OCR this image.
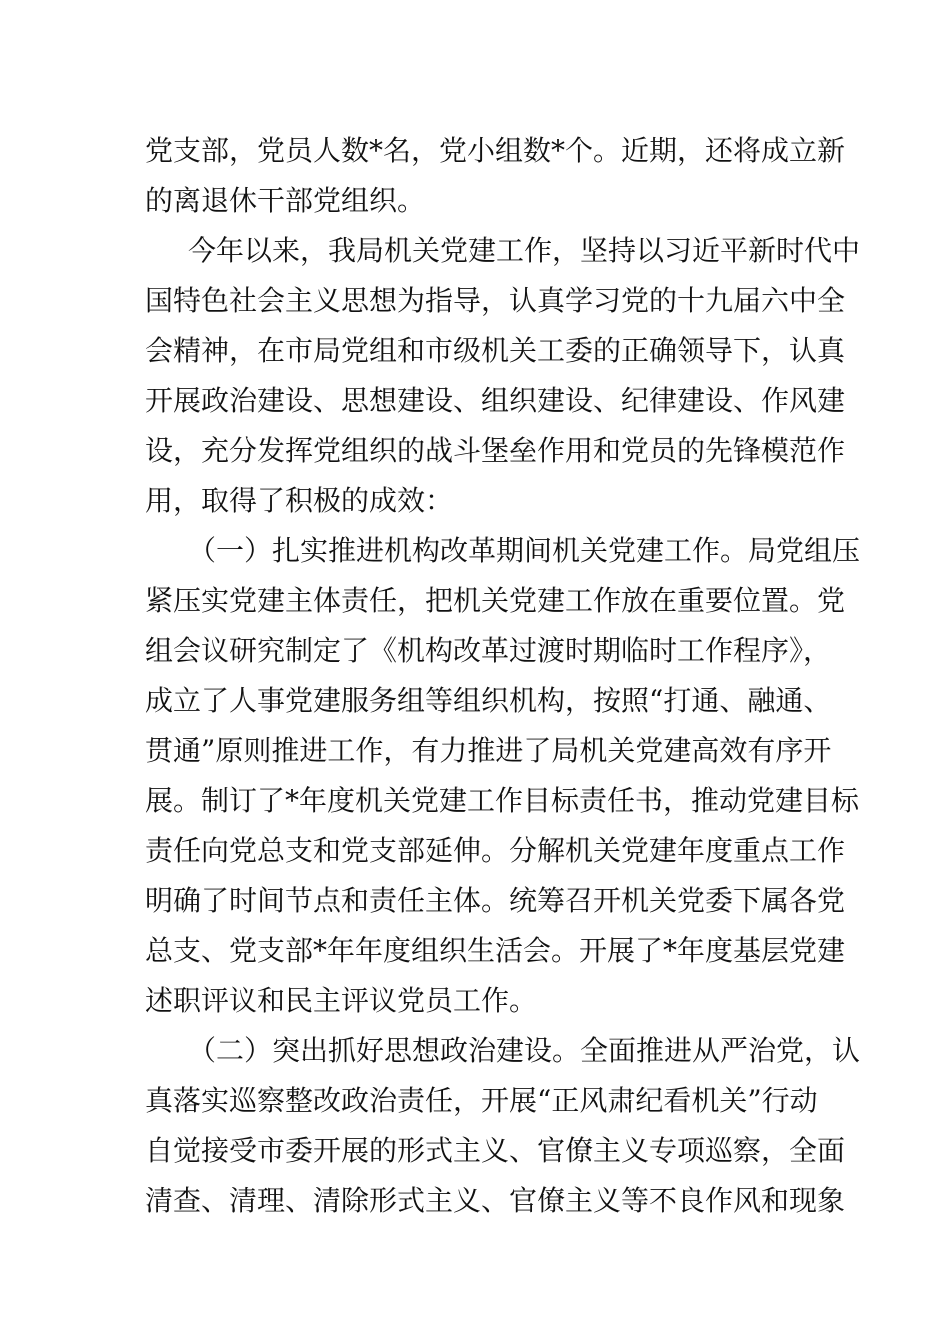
党支部，党员人数*名，党小组数*个。近期，还将成立新
的离退休干部党组织。
今年以来，我局机关党建工作，坚持以习近平新时代中
国特色社会主义思想为指导，认真学习党的十九届六中全
会精神，在市局党组和市级机关工委的正确领导下，认真
开展政治建设、思想建设、组织建设、纪律建设、作风建
设，充分发挥党组织的战斗堡垒作用和党员的先锋模范作
用，取得了积极的成效：
（一）扎实推进机构改革期间机关党建工作。局党组压
紧压实党建主体责任，把机关党建工作放在重要位置。党
组会议研究制定了《机构改革过渡时期临时工作程序》，
成立了人事党建服务组等组织机构，按照“打通、融通、
贯通”原则推进工作，有力推进了局机关党建高效有序开
展。制订了*年度机关党建工作目标责任书，推动党建目标
责任向党总支和党支部延伸。分解机关党建年度重点工作
明确了时间节点和责任主体。统筹召开机关党委下属各党
总支、党支部*年年度组织生活会。开展了*年度基层党建
述职评议和民主评议党员工作。
（二）突出抓好思想政治建设。全面推进从严治党，认
真落实巡察整改政治责任，开展“正风肃纪看机关”行动
自觉接受市委开展的形式主义、官僚主义专项巡察，全面
清查、清理、清除形式主义、官僚主义等不良作风和现象
